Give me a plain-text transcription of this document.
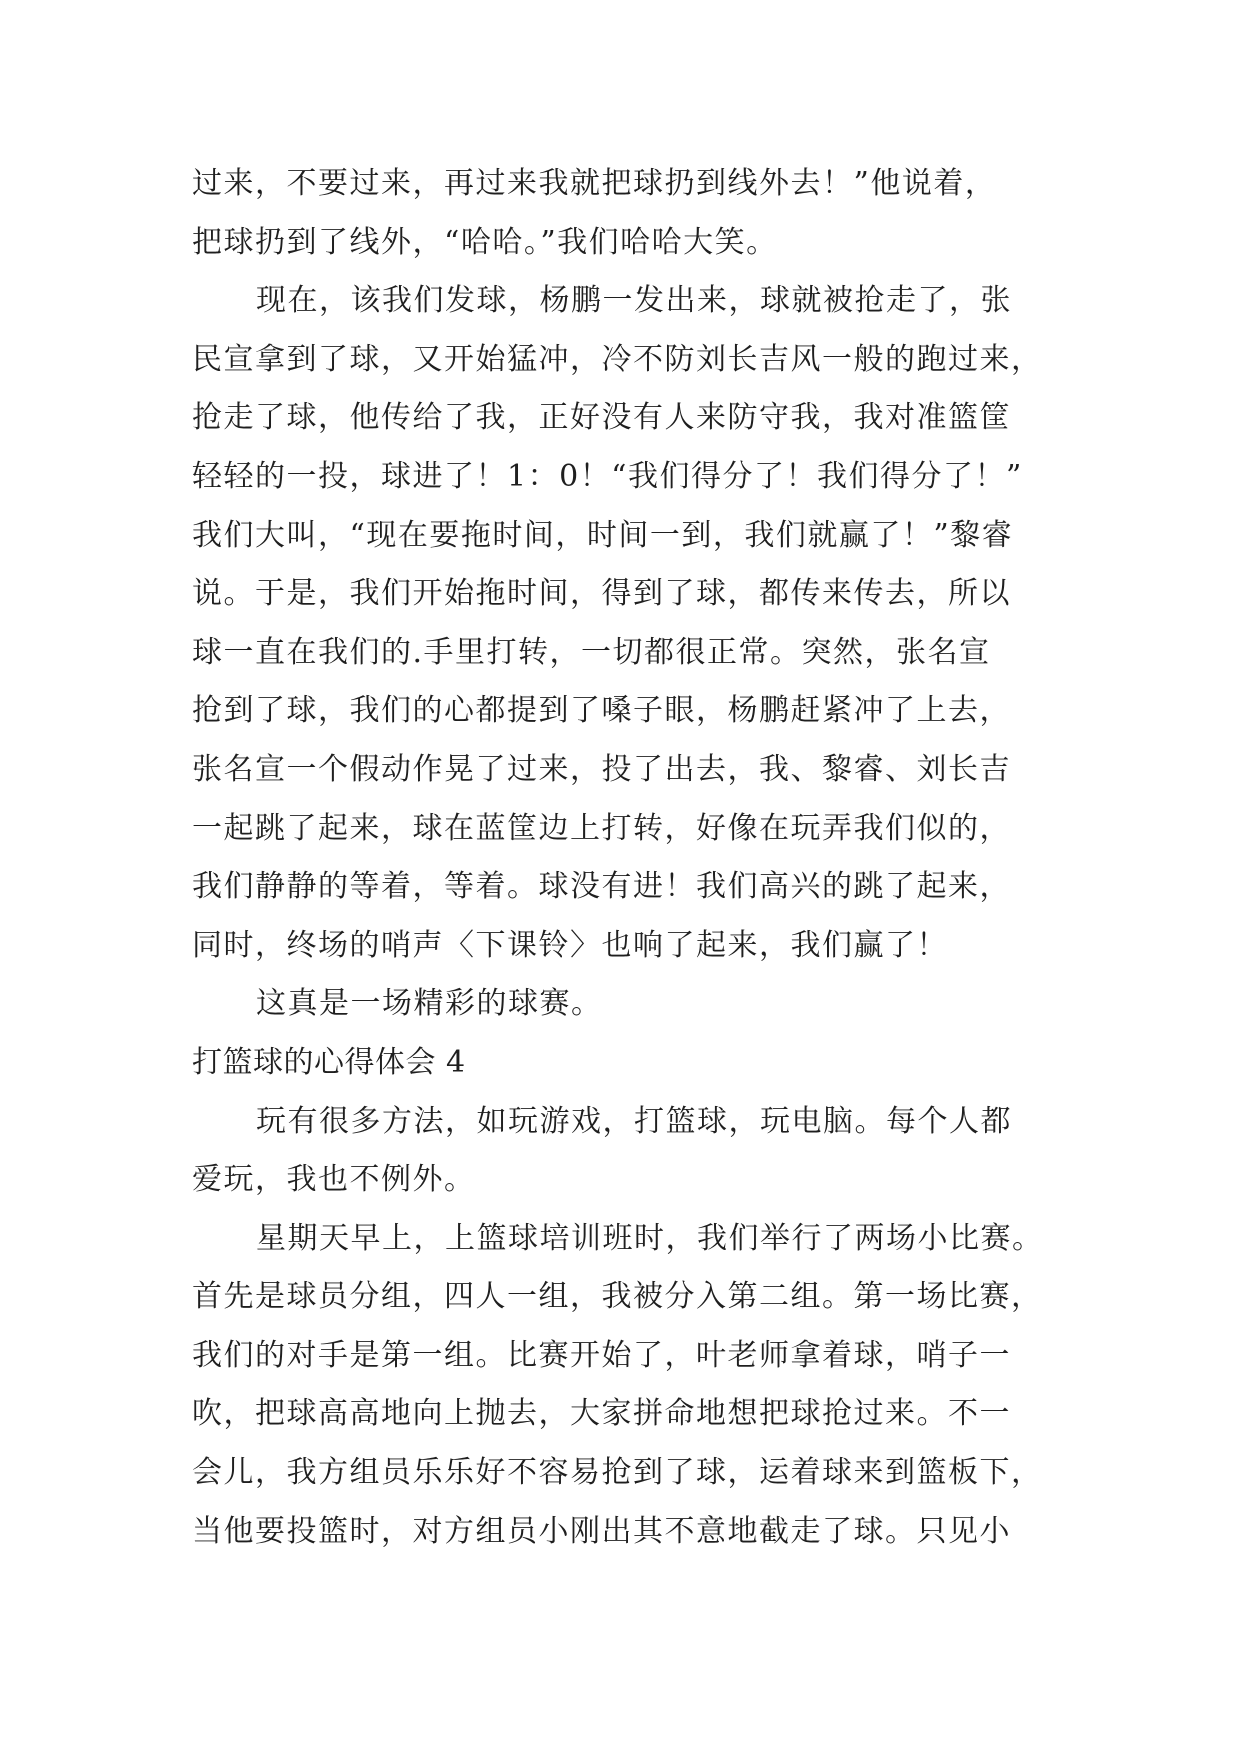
过来，不要过来，再过来我就把球扔到线外去！”他说着，
把球扔到了线外，“哈哈。”我们哈哈大笑。
现在，该我们发球，杨鹏一发出来，球就被抢走了，张
民宣拿到了球，又开始猛冲，冷不防刘长吉风一般的跑过来，
抢走了球，他传给了我，正好没有人来防守我，我对准篮筐
轻轻的一投，球进了！1：0！“我们得分了！我们得分了！”
我们大叫，“现在要拖时间，时间一到，我们就赢了！”黎睿
说。于是，我们开始拖时间，得到了球，都传来传去，所以
球一直在我们的.手里打转，一切都很正常。突然，张名宣
抢到了球，我们的心都提到了嗓子眼，杨鹏赶紧冲了上去，
张名宣一个假动作晃了过来，投了出去，我、黎睿、刘长吉
一起跳了起来，球在蓝筐边上打转，好像在玩弄我们似的，
我们静静的等着，等着。球没有进！我们高兴的跳了起来，
同时，终场的哨声〈下课铃〉也响了起来，我们赢了！
这真是一场精彩的球赛。
打篮球的心得体会 4
玩有很多方法，如玩游戏，打篮球，玩电脑。每个人都
爱玩，我也不例外。
星期天早上，上篮球培训班时，我们举行了两场小比赛。
首先是球员分组，四人一组，我被分入第二组。第一场比赛，
我们的对手是第一组。比赛开始了，叶老师拿着球，哨子一
吹，把球高高地向上抛去，大家拼命地想把球抢过来。不一
会儿，我方组员乐乐好不容易抢到了球，运着球来到篮板下，
当他要投篮时，对方组员小刚出其不意地截走了球。只见小
